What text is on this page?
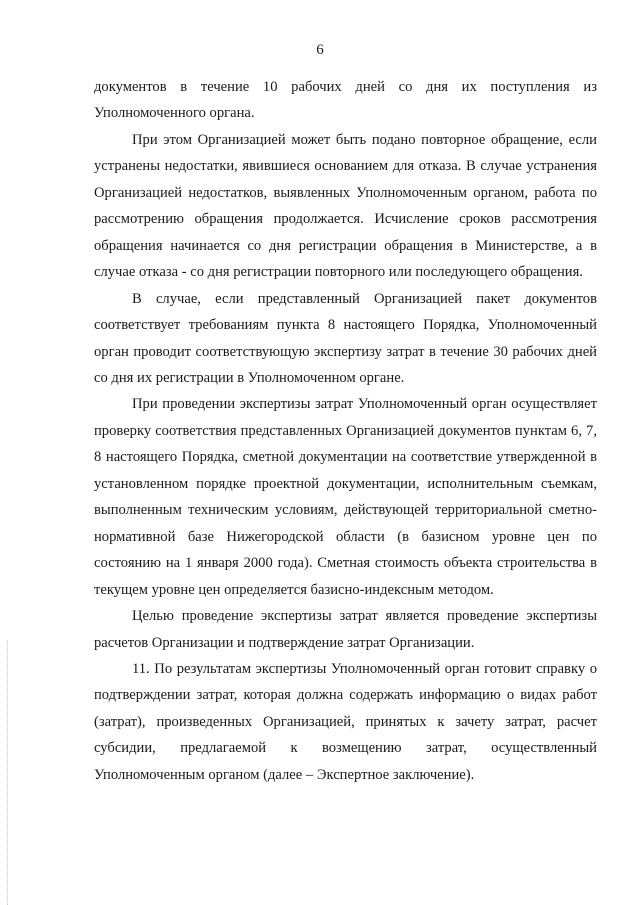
6

документов в течение 10 рабочих дней со дня их поступления из Уполномоченного органа.

При этом Организацией может быть подано повторное обращение, если устранены недостатки, явившиеся основанием для отказа. В случае устранения Организацией недостатков, выявленных Уполномоченным органом, работа по рассмотрению обращения продолжается. Исчисление сроков рассмотрения обращения начинается со дня регистрации обращения в Министерстве, а в случае отказа - со дня регистрации повторного или последующего обращения.

В случае, если представленный Организацией пакет документов соответствует требованиям пункта 8 настоящего Порядка, Уполномоченный орган проводит соответствующую экспертизу затрат в течение 30 рабочих дней со дня их регистрации в Уполномоченном органе.

При проведении экспертизы затрат Уполномоченный орган осуществляет проверку соответствия представленных Организацией документов пунктам 6, 7, 8 настоящего Порядка, сметной документации на соответствие утвержденной в установленном порядке проектной документации, исполнительным съемкам, выполненным техническим условиям, действующей территориальной сметно-нормативной базе Нижегородской области (в базисном уровне цен по состоянию на 1 января 2000 года). Сметная стоимость объекта строительства в текущем уровне цен определяется базисно-индексным методом.

Целью проведение экспертизы затрат является проведение экспертизы расчетов Организации и подтверждение затрат Организации.

11. По результатам экспертизы Уполномоченный орган готовит справку о подтверждении затрат, которая должна содержать информацию о видах работ (затрат), произведенных Организацией, принятых к зачету затрат, расчет субсидии, предлагаемой к возмещению затрат, осуществленный Уполномоченным органом (далее – Экспертное заключение).
